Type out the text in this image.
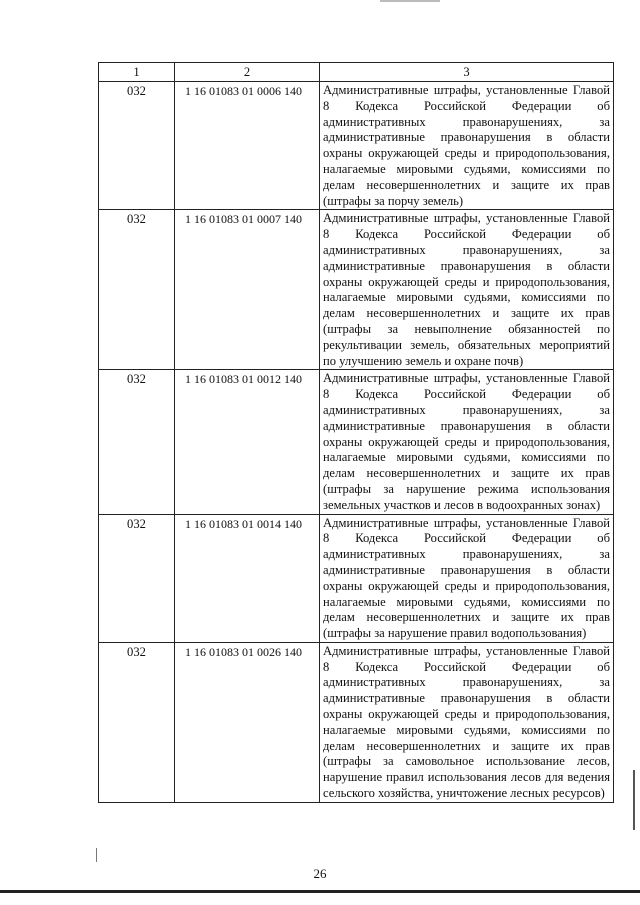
1	2	3
032	1 16 01083 01 0006 140	Административные штрафы, установленные Главой 8 Кодекса Российской Федерации об административных правонарушениях, за административные правонарушения в области охраны окружающей среды и природопользования, налагаемые мировыми судьями, комиссиями по делам несовершеннолетних и защите их прав (штрафы за порчу земель)
032	1 16 01083 01 0007 140	Административные штрафы, установленные Главой 8 Кодекса Российской Федерации об административных правонарушениях, за административные правонарушения в области охраны окружающей среды и природопользования, налагаемые мировыми судьями, комиссиями по делам несовершеннолетних и защите их прав (штрафы за невыполнение обязанностей по рекультивации земель, обязательных мероприятий по улучшению земель и охране почв)
032	1 16 01083 01 0012 140	Административные штрафы, установленные Главой 8 Кодекса Российской Федерации об административных правонарушениях, за административные правонарушения в области охраны окружающей среды и природопользования, налагаемые мировыми судьями, комиссиями по делам несовершеннолетних и защите их прав (штрафы за нарушение режима использования земельных участков и лесов в водоохранных зонах)
032	1 16 01083 01 0014 140	Административные штрафы, установленные Главой 8 Кодекса Российской Федерации об административных правонарушениях, за административные правонарушения в области охраны окружающей среды и природопользования, налагаемые мировыми судьями, комиссиями по делам несовершеннолетних и защите их прав (штрафы за нарушение правил водопользования)
032	1 16 01083 01 0026 140	Административные штрафы, установленные Главой 8 Кодекса Российской Федерации об административных правонарушениях, за административные правонарушения в области охраны окружающей среды и природопользования, налагаемые мировыми судьями, комиссиями по делам несовершеннолетних и защите их прав (штрафы за самовольное использование лесов, нарушение правил использования лесов для ведения сельского хозяйства, уничтожение лесных ресурсов)
26
